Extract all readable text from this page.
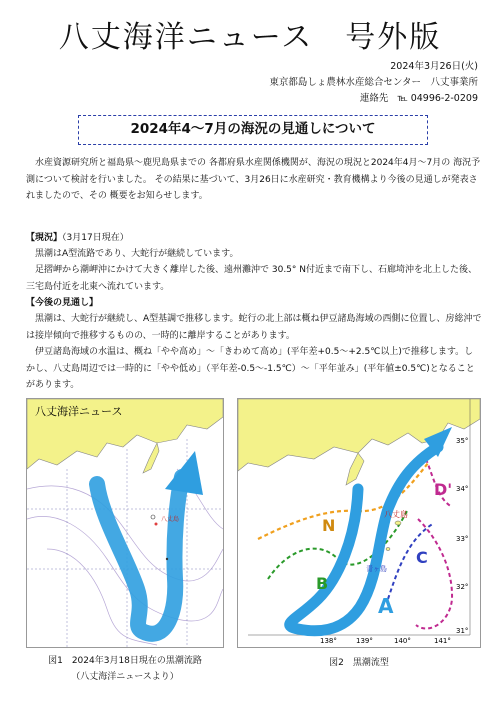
八丈海洋ニュース　号外版
2024年3月26日(火)
東京都島しょ農林水産総合センター　八丈事業所
連絡先 ℡ 04996-2-0209
2024年4～7月の海況の見通しについて
水産資源研究所と福島県～鹿児島県までの 各都府県水産関係機関が、海況の現況と2024年4月～7月の 海況予測について検討を行いました。 その結果に基づいて、3月26日に水産研究・教育機構より今後の見通しが発表されましたので、その 概要をお知らせします。
【現況】（3月17日現在）
黒潮はA型流路であり、大蛇行が継続しています。
足摺岬から潮岬沖にかけて大きく離岸した後、遠州灘沖で 30.5° N付近まで南下し、石廊埼沖を北上した後、三宅島付近を北東へ流れています。
【今後の見通し】
黒潮は、大蛇行が継続し、A型基調で推移します。蛇行の北上部は概ね伊豆諸島海域の西側に位置し、房総沖では接岸傾向で推移するものの、一時的に離岸することがあります。
伊豆諸島海域の水温は、概ね「やや高め」～「きわめて高め」(平年差+0.5～+2.5℃以上)で推移します。しかし、八丈島周辺では一時的に「やや低め」（平年差-0.5～-1.5℃）～「平年並み」(平年値±0.5℃)となることがあります。
八丈海洋ニュース
八丈島
図1　2024年3月18日現在の黒潮流路
（八丈海洋ニュースより）
八丈島
青ヶ島
A
N
B
C
D'
35°
34°
33°
32°
31°
138°	139°	140°	141°
図2　黒潮流型
